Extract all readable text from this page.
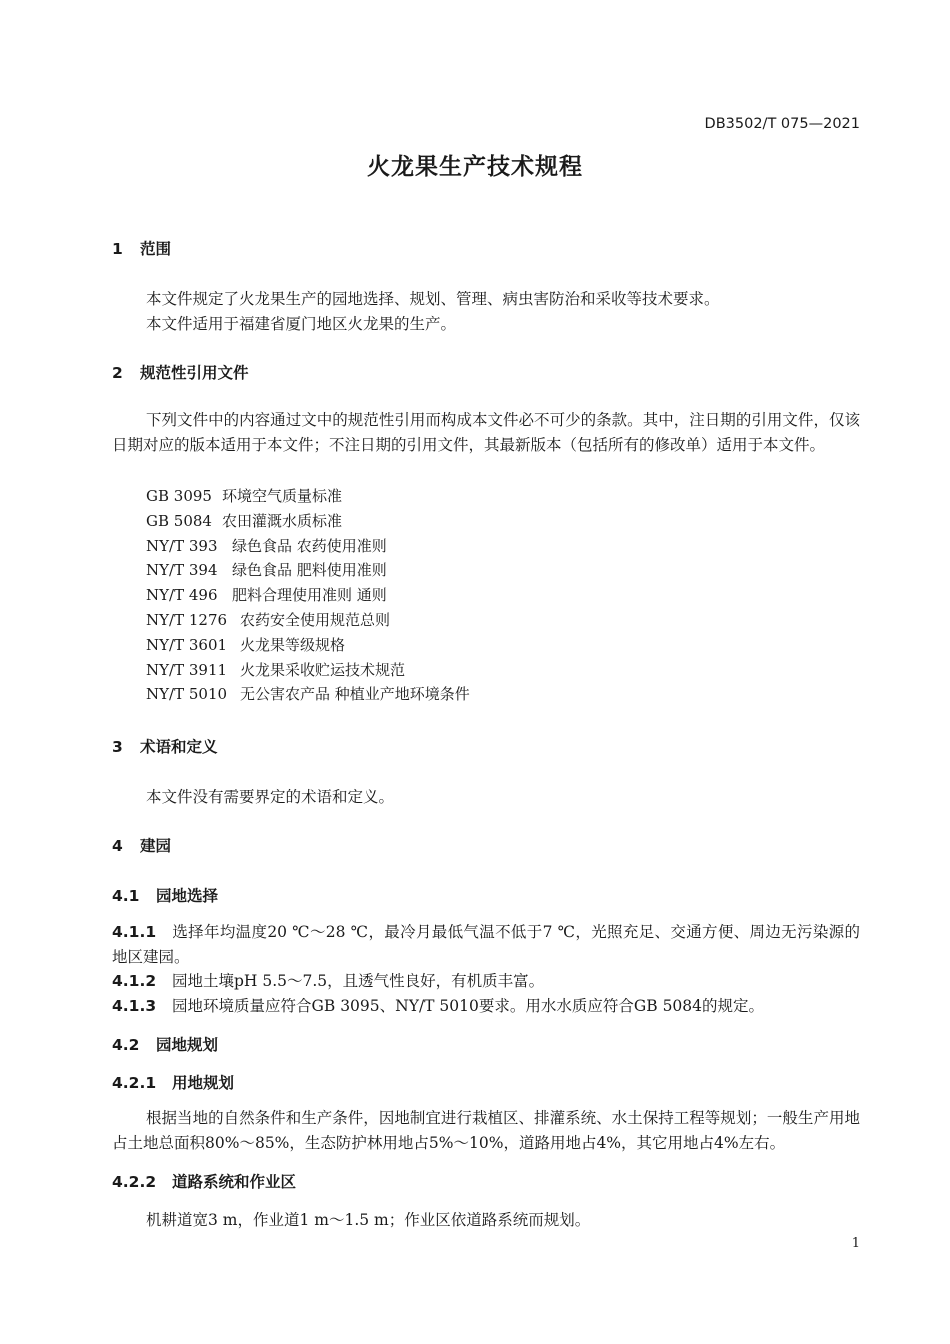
DB3502/T 075—2021
火龙果生产技术规程
1 范围
本文件规定了火龙果生产的园地选择、规划、管理、病虫害防治和采收等技术要求。
本文件适用于福建省厦门地区火龙果的生产。
2 规范性引用文件
下列文件中的内容通过文中的规范性引用而构成本文件必不可少的条款。其中，注日期的引用文件，仅该日期对应的版本适用于本文件；不注日期的引用文件，其最新版本（包括所有的修改单）适用于本文件。
GB 3095 环境空气质量标准
GB 5084 农田灌溉水质标准
NY/T 393 绿色食品 农药使用准则
NY/T 394 绿色食品 肥料使用准则
NY/T 496 肥料合理使用准则 通则
NY/T 1276 农药安全使用规范总则
NY/T 3601 火龙果等级规格
NY/T 3911 火龙果采收贮运技术规范
NY/T 5010 无公害农产品 种植业产地环境条件
3 术语和定义
本文件没有需要界定的术语和定义。
4 建园
4.1 园地选择
4.1.1 选择年均温度20 ℃～28 ℃，最冷月最低气温不低于7 ℃，光照充足、交通方便、周边无污染源的地区建园。
4.1.2 园地土壤pH 5.5～7.5，且透气性良好，有机质丰富。
4.1.3 园地环境质量应符合GB 3095、NY/T 5010要求。用水水质应符合GB 5084的规定。
4.2 园地规划
4.2.1 用地规划
根据当地的自然条件和生产条件，因地制宜进行栽植区、排灌系统、水土保持工程等规划；一般生产用地占土地总面积80%～85%，生态防护林用地占5%～10%，道路用地占4%，其它用地占4%左右。
4.2.2 道路系统和作业区
机耕道宽3 m，作业道1 m～1.5 m；作业区依道路系统而规划。
1
